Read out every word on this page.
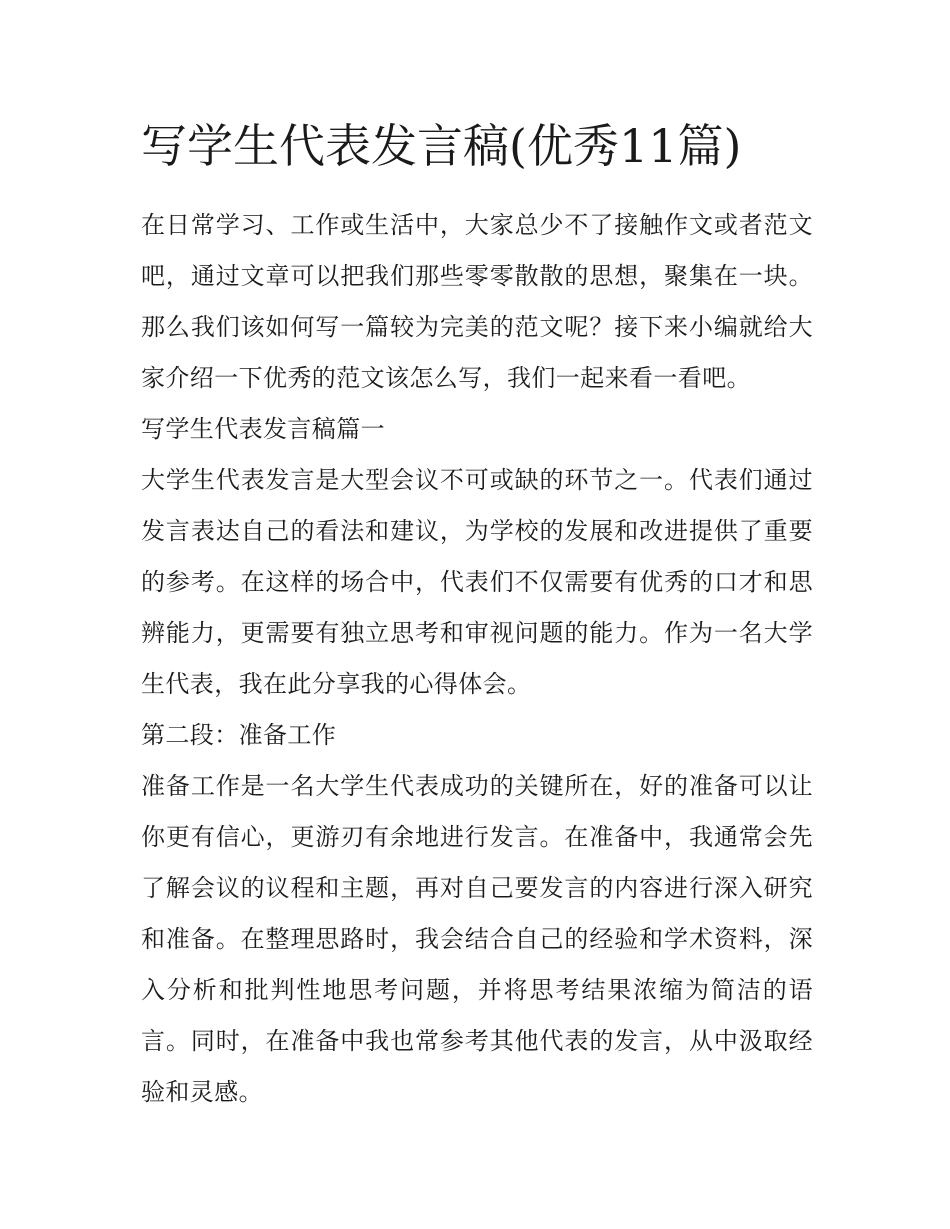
写学生代表发言稿(优秀11篇)

在日常学习、工作或生活中，大家总少不了接触作文或者范文吧，通过文章可以把我们那些零零散散的思想，聚集在一块。那么我们该如何写一篇较为完美的范文呢？接下来小编就给大家介绍一下优秀的范文该怎么写，我们一起来看一看吧。

写学生代表发言稿篇一

大学生代表发言是大型会议不可或缺的环节之一。代表们通过发言表达自己的看法和建议，为学校的发展和改进提供了重要的参考。在这样的场合中，代表们不仅需要有优秀的口才和思辨能力，更需要有独立思考和审视问题的能力。作为一名大学生代表，我在此分享我的心得体会。

第二段：准备工作

准备工作是一名大学生代表成功的关键所在，好的准备可以让你更有信心，更游刃有余地进行发言。在准备中，我通常会先了解会议的议程和主题，再对自己要发言的内容进行深入研究和准备。在整理思路时，我会结合自己的经验和学术资料，深入分析和批判性地思考问题，并将思考结果浓缩为简洁的语言。同时，在准备中我也常参考其他代表的发言，从中汲取经验和灵感。
